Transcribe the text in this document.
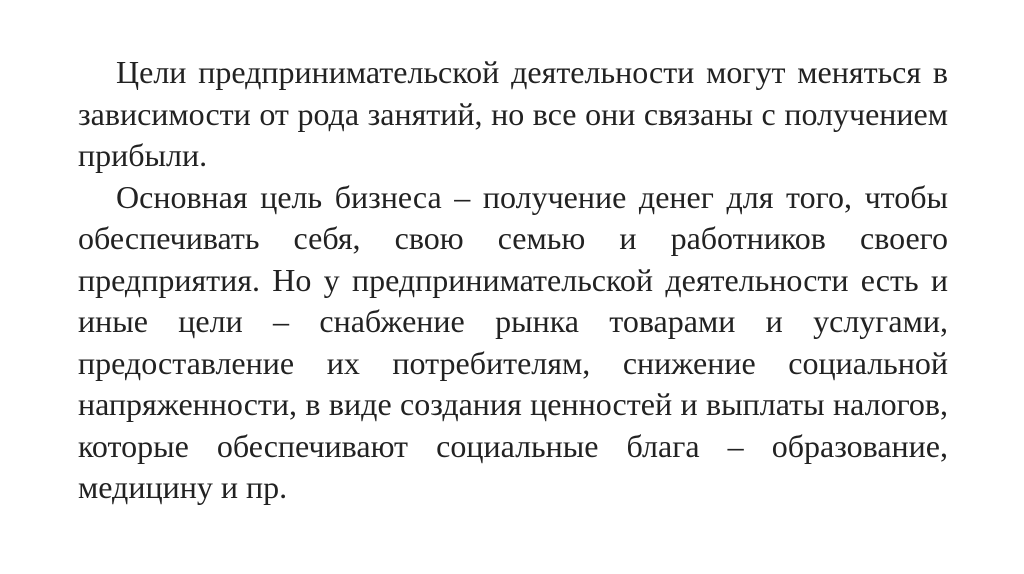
Цели предпринимательской деятельности могут меняться в зависимости от рода занятий, но все они связаны с получением прибыли.

Основная цель бизнеса – получение денег для того, чтобы обеспечивать себя, свою семью и работников своего предприятия. Но у предпринимательской деятельности есть и иные цели – снабжение рынка товарами и услугами, предоставление их потребителям, снижение социальной напряженности, в виде создания ценностей и выплаты налогов, которые обеспечивают социальные блага – образование, медицину и пр.
